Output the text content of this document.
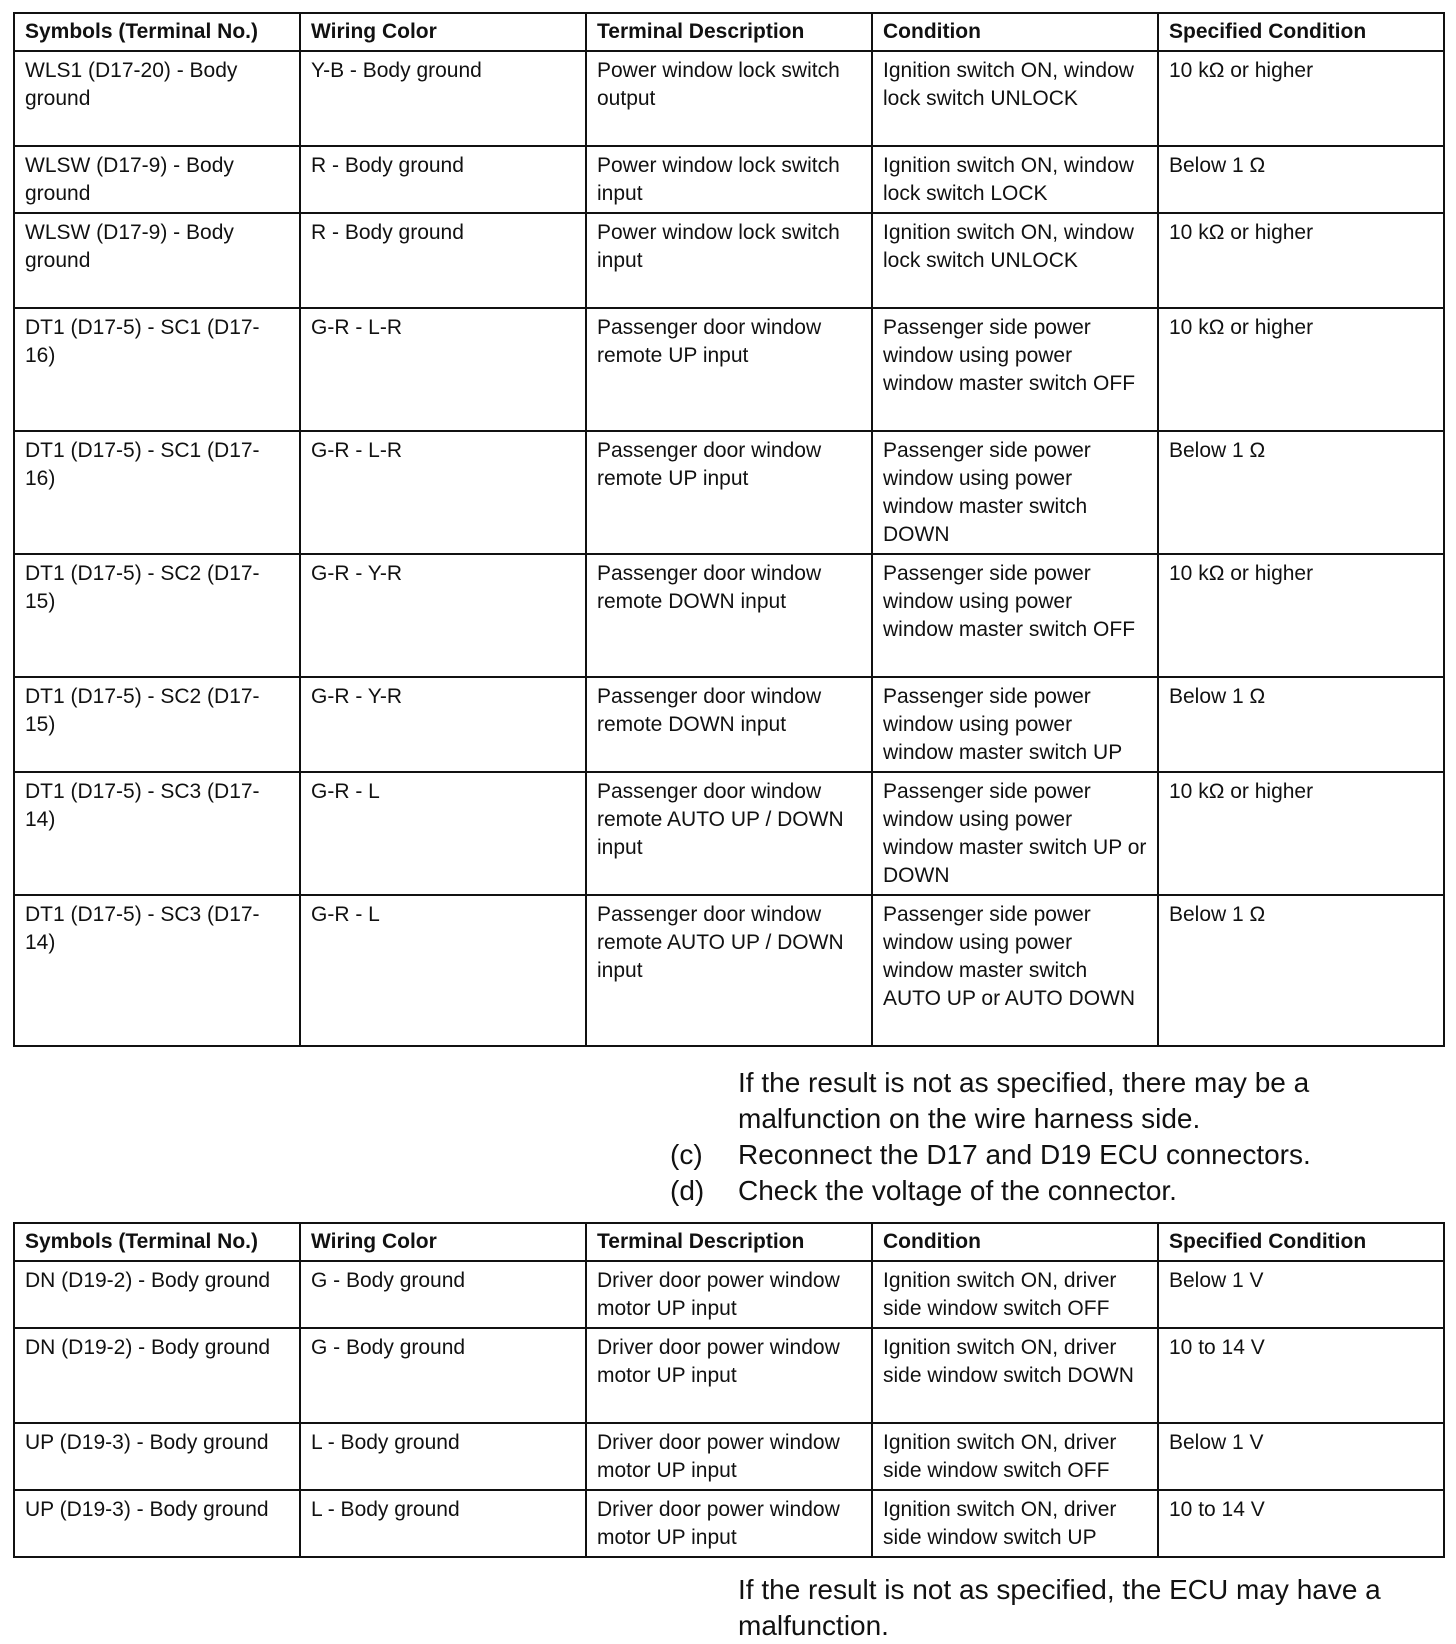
Symbols (Terminal No.)	Wiring Color	Terminal Description	Condition	Specified Condition
WLS1 (D17-20) - Body ground	Y-B - Body ground	Power window lock switch output	Ignition switch ON, window lock switch UNLOCK	10 kΩ or higher
WLSW (D17-9) - Body ground	R - Body ground	Power window lock switch input	Ignition switch ON, window lock switch LOCK	Below 1 Ω
WLSW (D17-9) - Body ground	R - Body ground	Power window lock switch input	Ignition switch ON, window lock switch UNLOCK	10 kΩ or higher
DT1 (D17-5) - SC1 (D17-16)	G-R - L-R	Passenger door window remote UP input	Passenger side power window using power window master switch OFF	10 kΩ or higher
DT1 (D17-5) - SC1 (D17-16)	G-R - L-R	Passenger door window remote UP input	Passenger side power window using power window master switch DOWN	Below 1 Ω
DT1 (D17-5) - SC2 (D17-15)	G-R - Y-R	Passenger door window remote DOWN input	Passenger side power window using power window master switch OFF	10 kΩ or higher
DT1 (D17-5) - SC2 (D17-15)	G-R - Y-R	Passenger door window remote DOWN input	Passenger side power window using power window master switch UP	Below 1 Ω
DT1 (D17-5) - SC3 (D17-14)	G-R - L	Passenger door window remote AUTO UP / DOWN input	Passenger side power window using power window master switch UP or DOWN	10 kΩ or higher
DT1 (D17-5) - SC3 (D17-14)	G-R - L	Passenger door window remote AUTO UP / DOWN input	Passenger side power window using power window master switch AUTO UP or AUTO DOWN	Below 1 Ω

If the result is not as specified, there may be a malfunction on the wire harness side.

(c) Reconnect the D17 and D19 ECU connectors.

(d) Check the voltage of the connector.

Symbols (Terminal No.)	Wiring Color	Terminal Description	Condition	Specified Condition
DN (D19-2) - Body ground	G - Body ground	Driver door power window motor UP input	Ignition switch ON, driver side window switch OFF	Below 1 V
DN (D19-2) - Body ground	G - Body ground	Driver door power window motor UP input	Ignition switch ON, driver side window switch DOWN	10 to 14 V
UP (D19-3) - Body ground	L - Body ground	Driver door power window motor UP input	Ignition switch ON, driver side window switch OFF	Below 1 V
UP (D19-3) - Body ground	L - Body ground	Driver door power window motor UP input	Ignition switch ON, driver side window switch UP	10 to 14 V

If the result is not as specified, the ECU may have a malfunction.
